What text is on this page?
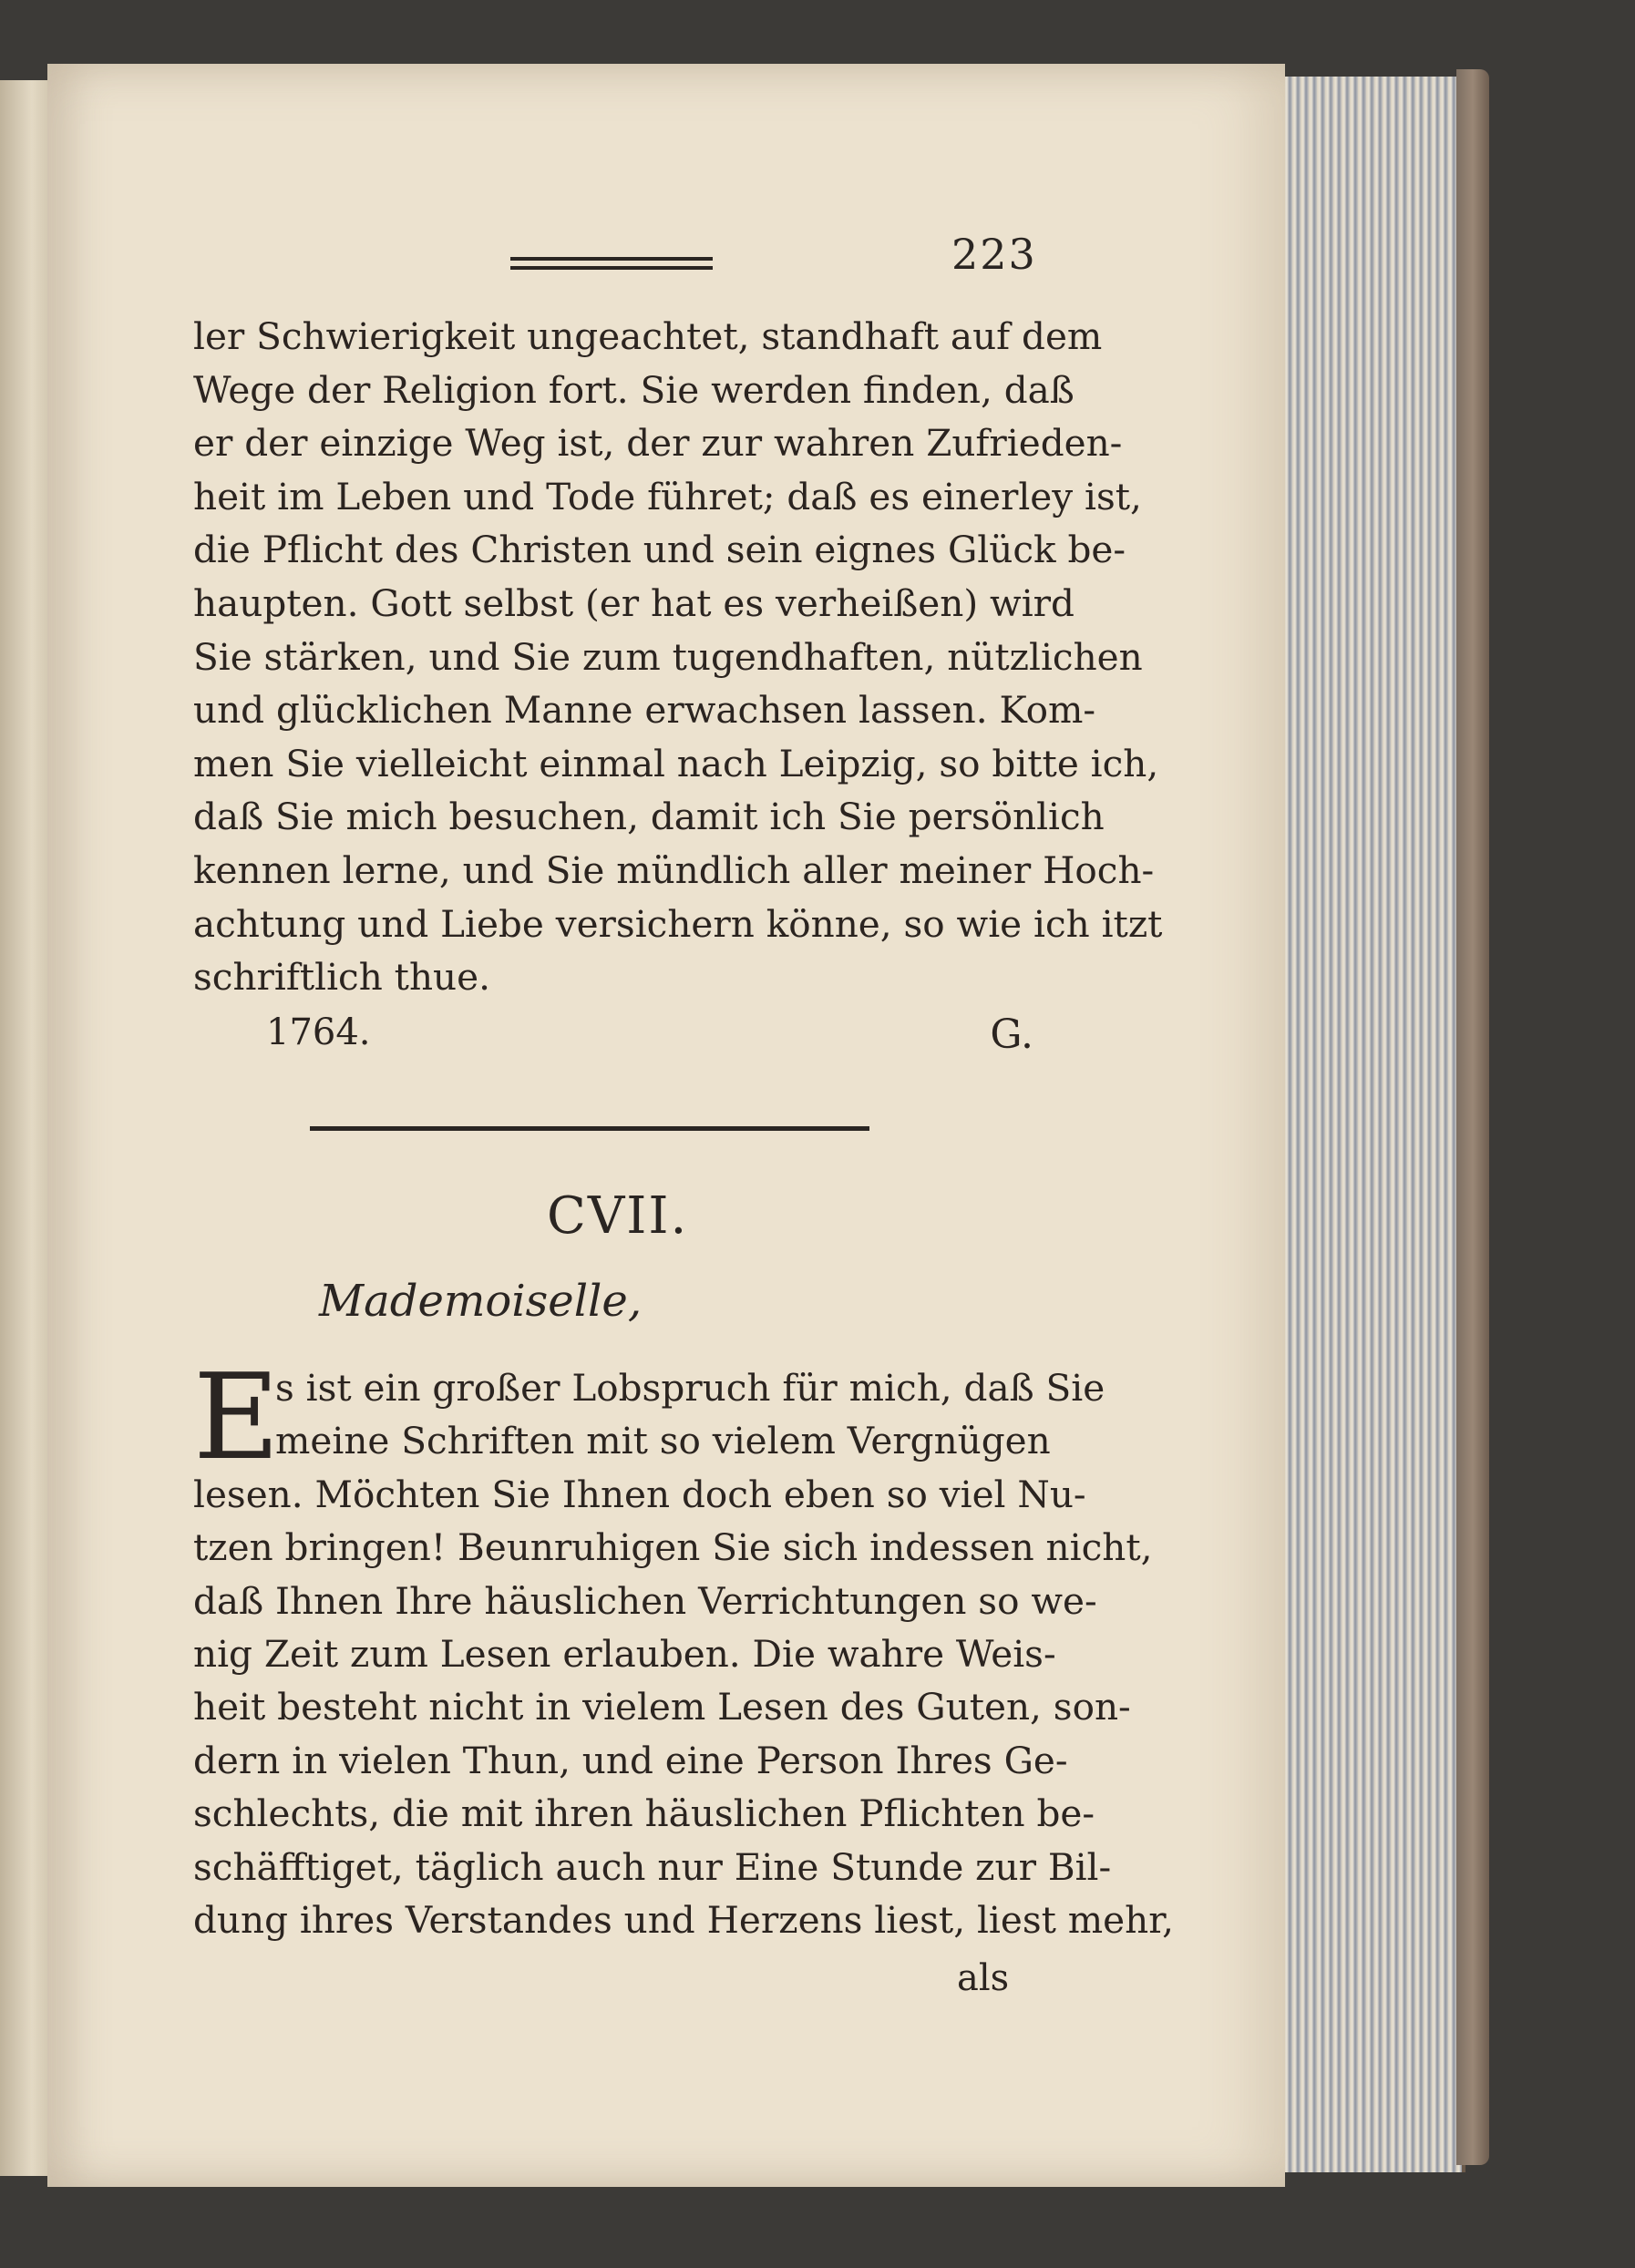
223
ler Schwierigkeit ungeachtet, standhaft auf dem
Wege der Religion fort. Sie werden finden, daß
er der einzige Weg ist, der zur wahren Zufrieden-
heit im Leben und Tode führet; daß es einerley ist,
die Pflicht des Christen und sein eignes Glück be-
haupten. Gott selbst (er hat es verheißen) wird
Sie stärken, und Sie zum tugendhaften, nützlichen
und glücklichen Manne erwachsen lassen. Kom-
men Sie vielleicht einmal nach Leipzig, so bitte ich,
daß Sie mich besuchen, damit ich Sie persönlich
kennen lerne, und Sie mündlich aller meiner Hoch-
achtung und Liebe versichern könne, so wie ich itzt
schriftlich thue.
1764.	G.
CVII.
Mademoiselle,
E
s ist ein großer Lobspruch für mich, daß Sie
meine Schriften mit so vielem Vergnügen
lesen. Möchten Sie Ihnen doch eben so viel Nu-
tzen bringen! Beunruhigen Sie sich indessen nicht,
daß Ihnen Ihre häuslichen Verrichtungen so we-
nig Zeit zum Lesen erlauben. Die wahre Weis-
heit besteht nicht in vielem Lesen des Guten, son-
dern in vielen Thun, und eine Person Ihres Ge-
schlechts, die mit ihren häuslichen Pflichten be-
schäfftiget, täglich auch nur Eine Stunde zur Bil-
dung ihres Verstandes und Herzens liest, liest mehr,
als
